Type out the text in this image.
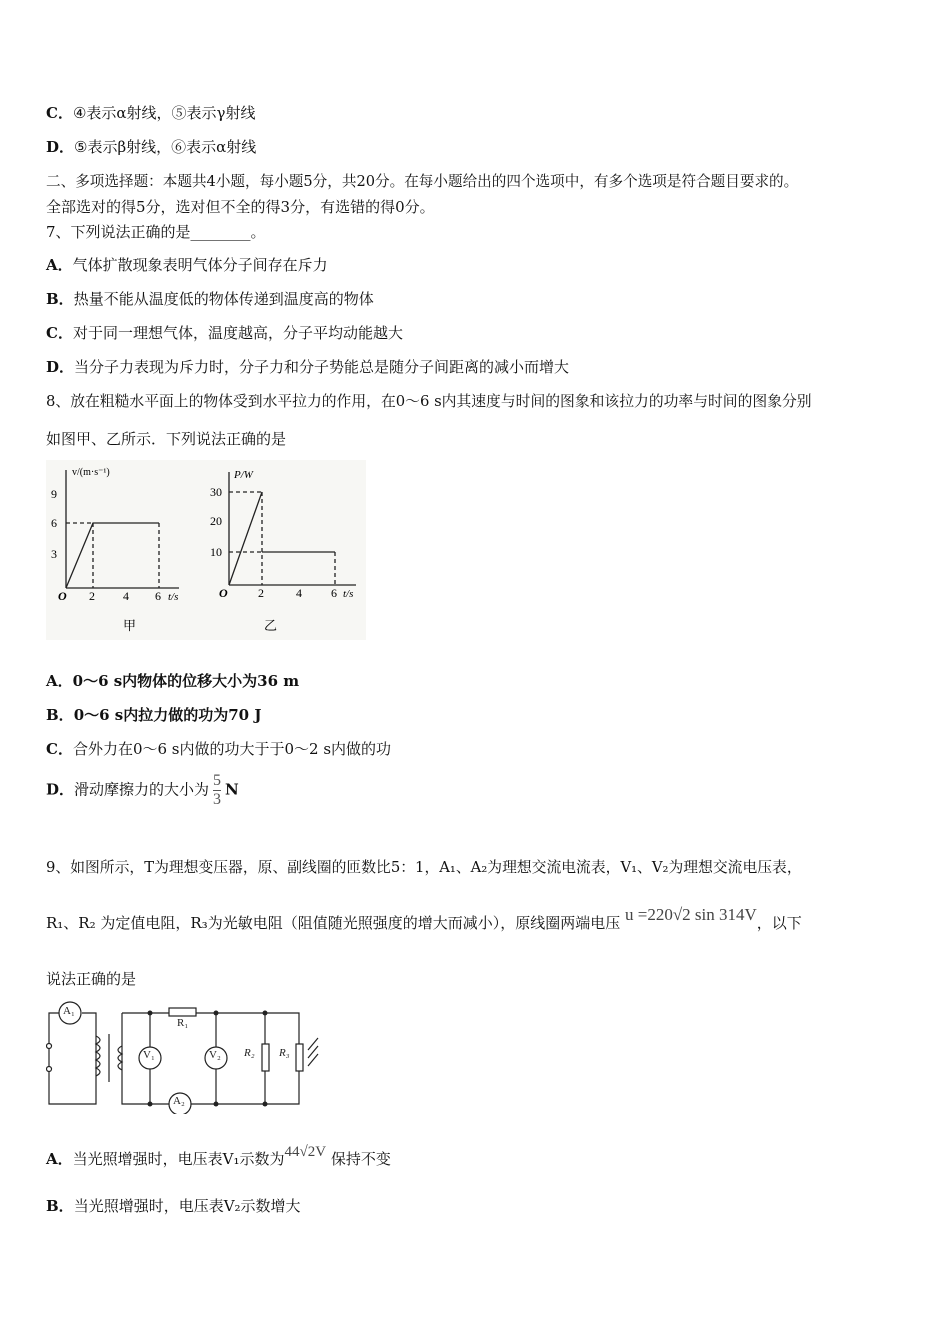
C．④表示α射线，⑤表示γ射线
D．⑤表示β射线，⑥表示α射线
二、多项选择题：本题共4小题，每小题5分，共20分。在每小题给出的四个选项中，有多个选项是符合题目要求的。
全部选对的得5分，选对但不全的得3分，有选错的得0分。
7、下列说法正确的是________。
A．气体扩散现象表明气体分子间存在斥力
B．热量不能从温度低的物体传递到温度高的物体
C．对于同一理想气体，温度越高，分子平均动能越大
D．当分子力表现为斥力时，分子力和分子势能总是随分子间距离的减小而增大
8、放在粗糙水平面上的物体受到水平拉力的作用，在0～6 s内其速度与时间的图象和该拉力的功率与时间的图象分别
如图甲、乙所示．下列说法正确的是
v/(m·s⁻¹)
3
6
9
O 2 4 6 t/s
甲
P/W
10
20
30
O	2	4 6 t/s
乙
A．0～6 s内物体的位移大小为36 m
B．0～6 s内拉力做的功为70 J
C．合外力在0～6 s内做的功大于于0～2 s内做的功
D．滑动摩擦力的大小为 $\frac{5}{3}$ N
9、如图所示，T为理想变压器，原、副线圈的匝数比5：1，A₁、A₂为理想交流电流表，V₁、V₂为理想交流电压表，
R₁、R₂ 为定值电阻，R₃为光敏电阻（阻值随光照强度的增大而减小），原线圈两端电压 u =220√2 sin 314V，以下
说法正确的是
A₁
A₂
V₁	V₂
R₁
R₂ R₃
A．当光照增强时，电压表V₁示数为44√2V 保持不变
B．当光照增强时，电压表V₂示数增大
